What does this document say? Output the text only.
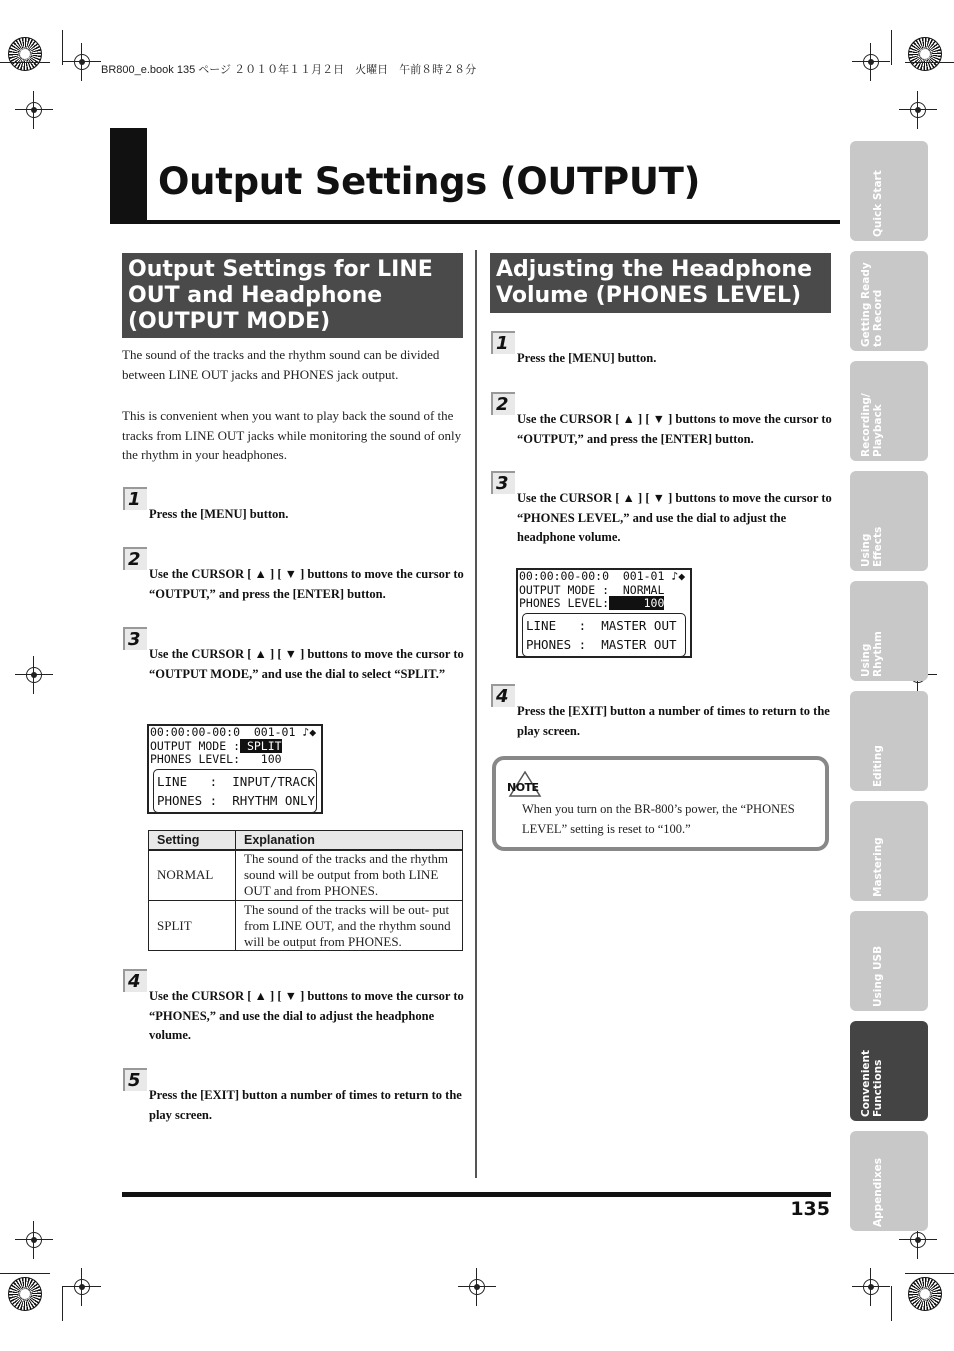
BR800_e.book 135 ページ ２０１０年１１月２日　火曜日　午前８時２８分
Output Settings (OUTPUT)
Output Settings for LINE OUT and Headphone (OUTPUT MODE)
The sound of the tracks and the rhythm sound can be divided between LINE OUT jacks and PHONES jack output.
This is convenient when you want to play back the sound of the tracks from LINE OUT jacks while monitoring the sound of only the rhythm in your headphones.
1
Press the [MENU] button.
2
Use the CURSOR [ ▲ ] [ ▼ ] buttons to move the cursor to “OUTPUT,” and press the [ENTER] button.
3
Use the CURSOR [ ▲ ] [ ▼ ] buttons to move the cursor to “OUTPUT MODE,” and use the dial to select “SPLIT.”
00:00:00-00:0  001-01 ♪◆
OUTPUT MODE : SPLIT
PHONES LEVEL:   100
LINE   :  INPUT/TRACK
PHONES :  RHYTHM ONLY
Setting	Explanation
NORMAL	The sound of the tracks and the rhythm sound will be output from both LINE OUT and from PHONES.
SPLIT	The sound of the tracks will be out- put from LINE OUT, and the rhythm sound will be output from PHONES.
4
Use the CURSOR [ ▲ ] [ ▼ ] buttons to move the cursor to “PHONES,” and use the dial to adjust the headphone volume.
5
Press the [EXIT] button a number of times to return to the play screen.
Adjusting the Headphone Volume (PHONES LEVEL)
1
Press the [MENU] button.
2
Use the CURSOR [ ▲ ] [ ▼ ] buttons to move the cursor to “OUTPUT,” and press the [ENTER] button.
3
Use the CURSOR [ ▲ ] [ ▼ ] buttons to move the cursor to “PHONES LEVEL,” and use the dial to adjust the headphone volume.
00:00:00-00:0  001-01 ♪◆
OUTPUT MODE :  NORMAL
PHONES LEVEL:     100
LINE   :  MASTER OUT
PHONES :  MASTER OUT
4
Press the [EXIT] button a number of times to return to the play screen.
NOTE
When you turn on the BR-800’s power, the “PHONES LEVEL” setting is reset to “100.”
135
Quick Start
Getting Ready
to Record
Recording/
Playback
Using
Effects
Using
Rhythm
Editing
Mastering
Using USB
Convenient
Functions
Appendixes
